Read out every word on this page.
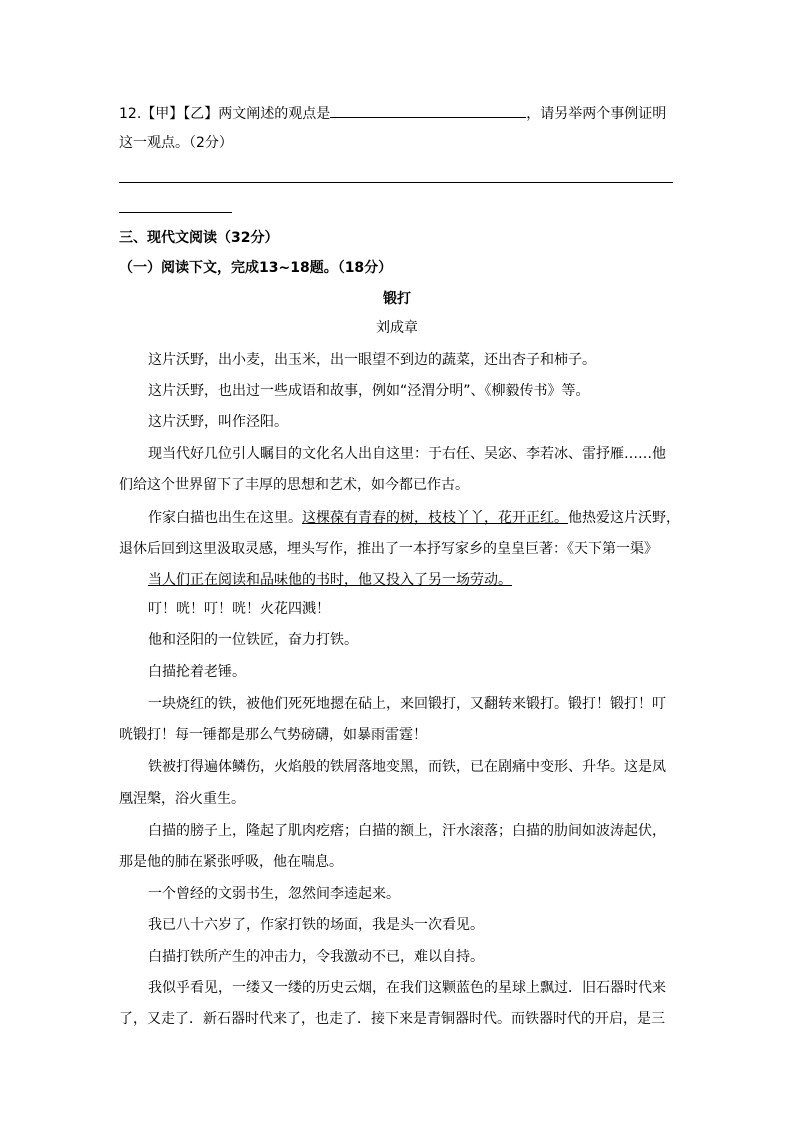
12.【甲】【乙】两文阐述的观点是	，请另举两个事例证明
这一观点。（2分）
三、现代文阅读（32分）
（一）阅读下文，完成13~18题。（18分）
锻打
刘成章
这片沃野，出小麦，出玉米，出一眼望不到边的蔬菜，还出杏子和柿子。
这片沃野，也出过一些成语和故事，例如“泾渭分明”、《柳毅传书》等。
这片沃野，叫作泾阳。
现当代好几位引人瞩目的文化名人出自这里：于右任、吴宓、李若冰、雷抒雁……他
们给这个世界留下了丰厚的思想和艺术，如今都已作古。
作家白描也出生在这里。这棵葆有青春的树，枝枝丫丫，花开正红。他热爱这片沃野，
退休后回到这里汲取灵感，埋头写作，推出了一本抒写家乡的皇皇巨著：《天下第一渠》
当人们正在阅读和品味他的书时，他又投入了另一场劳动。
叮！咣！叮！咣！火花四溅！
他和泾阳的一位铁匠，奋力打铁。
白描抡着老锤。
一块烧红的铁，被他们死死地摁在砧上，来回锻打，又翻转来锻打。锻打！锻打！叮
咣锻打！每一锤都是那么气势磅礴，如暴雨雷霆！
铁被打得遍体鳞伤，火焰般的铁屑落地变黑，而铁，已在剧痛中变形、升华。这是凤
凰涅槃，浴火重生。
白描的膀子上，隆起了肌肉疙瘩；白描的额上，汗水滚落；白描的肋间如波涛起伏，
那是他的肺在紧张呼吸，他在喘息。
一个曾经的文弱书生，忽然间李逵起来。
我已八十六岁了，作家打铁的场面，我是头一次看见。
白描打铁所产生的冲击力，令我激动不已，难以自持。
我似乎看见，一缕又一缕的历史云烟，在我们这颗蓝色的星球上飘过．旧石器时代来
了，又走了．新石器时代来了，也走了．接下来是青铜器时代。而铁器时代的开启，是三
